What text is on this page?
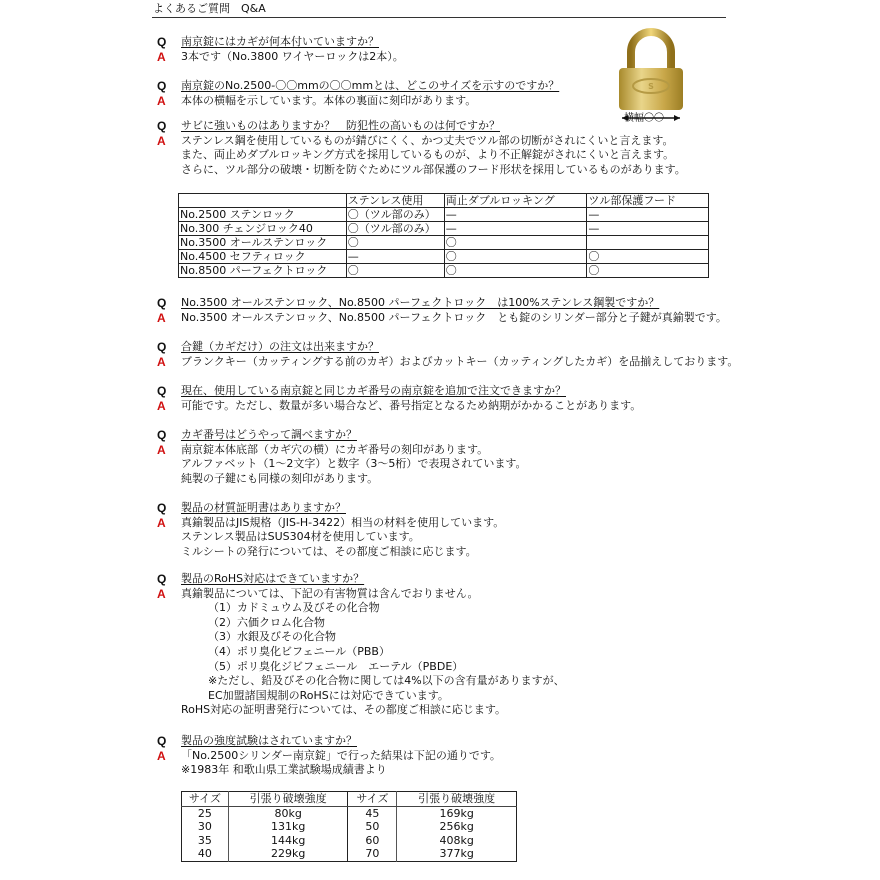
よくあるご質問　Q&A
S
横幅〇〇
Q	南京錠にはカギが何本付いていますか？
A	3本です（No.3800 ワイヤーロックは2本）。
Q	南京錠のNo.2500-〇〇mmの〇〇mmとは、どこのサイズを示すのですか？
A	本体の横幅を示しています。本体の裏面に刻印があります。
Q	サビに強いものはありますか？　防犯性の高いものは何ですか？
A	ステンレス鋼を使用しているものが錆びにくく、かつ丈夫でツル部の切断がされにくいと言えます。
また、両止めダブルロッキング方式を採用しているものが、より不正解錠がされにくいと言えます。
さらに、ツル部分の破壊・切断を防ぐためにツル部保護のフード形状を採用しているものがあります。
	ステンレス使用	両止ダブルロッキング	ツル部保護フード
No.2500 ステンロック	〇（ツル部のみ）	—	—
No.300 チェンジロック40	〇（ツル部のみ）	—	—
No.3500 オールステンロック	〇	〇	
No.4500 セフティロック	—	〇	〇
No.8500 パーフェクトロック	〇	〇	〇
Q	No.3500 オールステンロック、No.8500 パーフェクトロック　は100%ステンレス鋼製ですか？
A	No.3500 オールステンロック、No.8500 パーフェクトロック　とも錠のシリンダー部分と子鍵が真鍮製です。
Q	合鍵（カギだけ）の注文は出来ますか？
A	ブランクキー（カッティングする前のカギ）およびカットキー（カッティングしたカギ）を品揃えしております。
Q	現在、使用している南京錠と同じカギ番号の南京錠を追加で注文できますか？
A	可能です。ただし、数量が多い場合など、番号指定となるため納期がかかることがあります。
Q	カギ番号はどうやって調べますか？
A	南京錠本体底部（カギ穴の横）にカギ番号の刻印があります。
アルファベット（1～2文字）と数字（3～5桁）で表現されています。
純製の子鍵にも同様の刻印があります。
Q	製品の材質証明書はありますか？
A	真鍮製品はJIS規格（JIS-H-3422）相当の材料を使用しています。
ステンレス製品はSUS304材を使用しています。
ミルシートの発行については、その都度ご相談に応じます。
Q	製品のRoHS対応はできていますか？
A	真鍮製品については、下記の有害物質は含んでおりません。
（1）カドミュウム及びその化合物
（2）六価クロム化合物
（3）水銀及びその化合物
（4）ポリ臭化ビフェニール（PBB）
（5）ポリ臭化ジビフェニール　エーテル（PBDE）
※ただし、鉛及びその化合物に関しては4%以下の含有量がありますが、
EC加盟諸国規制のRoHSには対応できています。
RoHS対応の証明書発行については、その都度ご相談に応じます。
Q	製品の強度試験はされていますか？
A	「No.2500シリンダー南京錠」で行った結果は下記の通りです。
※1983年 和歌山県工業試験場成績書より
サイズ	引張り破壊強度	サイズ	引張り破壊強度
25	80kg	45	169kg
30	131kg	50	256kg
35	144kg	60	408kg
40	229kg	70	377kg
